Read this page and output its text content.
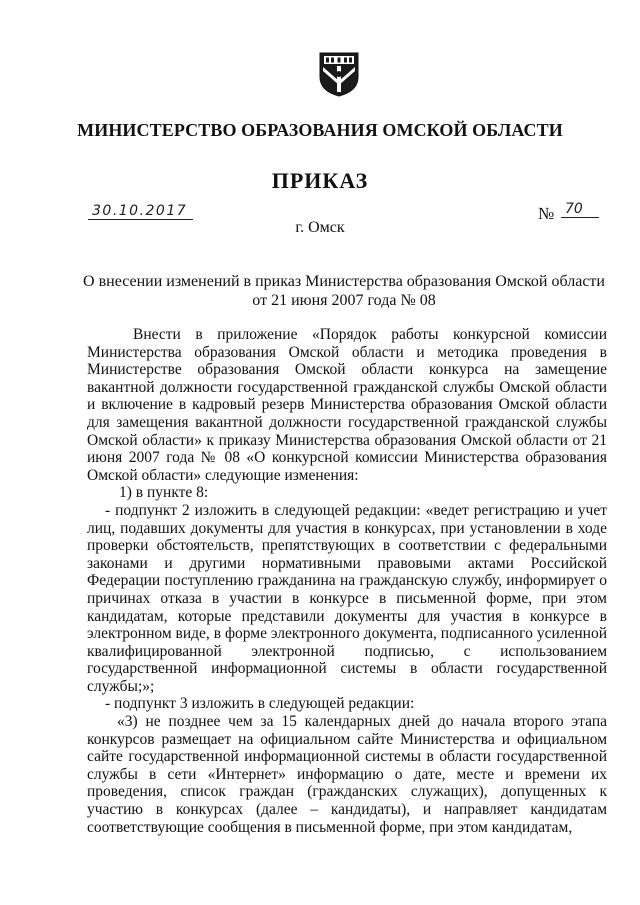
МИНИСТЕРСТВО ОБРАЗОВАНИЯ ОМСКОЙ ОБЛАСТИ
ПРИКАЗ
30.10.2017	№ 70
г. Омск
О внесении изменений в приказ Министерства образования Омской области
от 21 июня 2007 года № 08

Внести в приложение «Порядок работы конкурсной комиссии Министерства образования Омской области и методика проведения в Министерстве образования Омской области конкурса на замещение вакантной должности государственной гражданской службы Омской области и включение в кадровый резерв Министерства образования Омской области для замещения вакантной должности государственной гражданской службы Омской области» к приказу Министерства образования Омской области от 21 июня 2007 года № 08 «О конкурсной комиссии Министерства образования Омской области» следующие изменения:

1) в пункте 8:

- подпункт 2 изложить в следующей редакции: «ведет регистрацию и учет лиц, подавших документы для участия в конкурсах, при установлении в ходе проверки обстоятельств, препятствующих в соответствии с федеральными законами и другими нормативными правовыми актами Российской Федерации поступлению гражданина на гражданскую службу, информирует о причинах отказа в участии в конкурсе в письменной форме, при этом кандидатам, которые представили документы для участия в конкурсе в электронном виде, в форме электронного документа, подписанного усиленной квалифицированной электронной подписью, с использованием государственной информационной системы в области государственной службы;»;

- подпункт 3 изложить в следующей редакции:

«3) не позднее чем за 15 календарных дней до начала второго этапа конкурсов размещает на официальном сайте Министерства и официальном сайте государственной информационной системы в области государственной службы в сети «Интернет» информацию о дате, месте и времени их проведения, список граждан (гражданских служащих), допущенных к участию в конкурсах (далее – кандидаты), и направляет кандидатам соответствующие сообщения в письменной форме, при этом кандидатам,
